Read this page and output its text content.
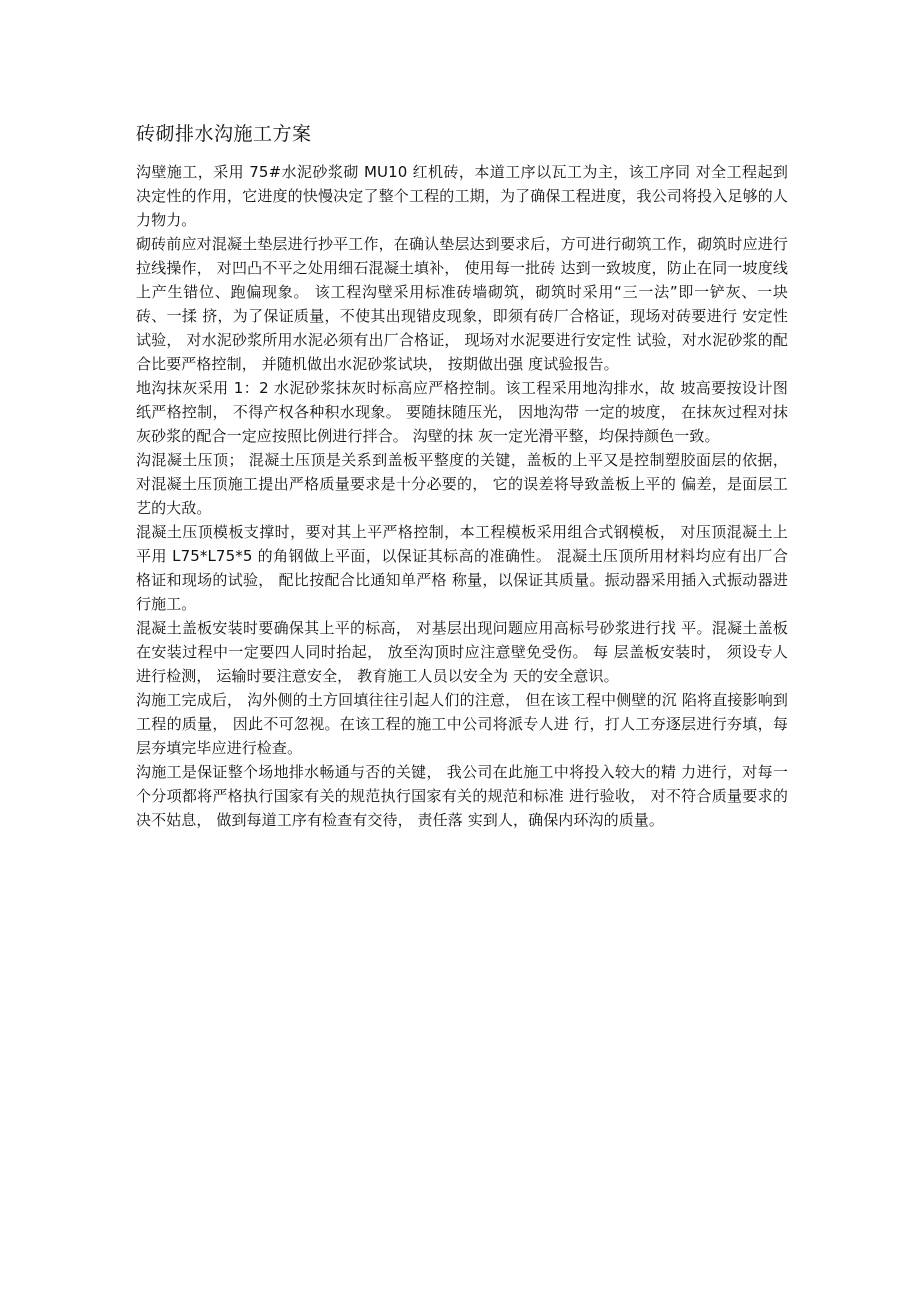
砖砌排水沟施工方案

沟壁施工，采用 75#水泥砂浆砌 MU10 红机砖，本道工序以瓦工为主，该工序同 对全工程起到决定性的作用，它进度的快慢决定了整个工程的工期，为了确保工程进度，我公司将投入足够的人力物力。

砌砖前应对混凝土垫层进行抄平工作，在确认垫层达到要求后，方可进行砌筑工作，砌筑时应进行拉线操作， 对凹凸不平之处用细石混凝土填补， 使用每一批砖 达到一致坡度，防止在同一坡度线上产生错位、跑偏现象。 该工程沟壁采用标准砖墙砌筑，砌筑时采用“三一法”即一铲灰、一块砖、一揉 挤，为了保证质量，不使其出现错皮现象，即须有砖厂合格证，现场对砖要进行 安定性试验， 对水泥砂浆所用水泥必须有出厂合格证， 现场对水泥要进行安定性 试验，对水泥砂浆的配合比要严格控制， 并随机做出水泥砂浆试块， 按期做出强 度试验报告。

地沟抹灰采用 1：2 水泥砂浆抹灰时标高应严格控制。该工程采用地沟排水，故 坡高要按设计图纸严格控制， 不得产权各种积水现象。 要随抹随压光， 因地沟带 一定的坡度， 在抹灰过程对抹灰砂浆的配合一定应按照比例进行拌合。 沟壁的抹 灰一定光滑平整，均保持颜色一致。

沟混凝土压顶； 混凝土压顶是关系到盖板平整度的关键，盖板的上平又是控制塑胶面层的依据， 对混凝土压顶施工提出严格质量要求是十分必要的， 它的误差将导致盖板上平的 偏差，是面层工艺的大敌。

混凝土压顶模板支撑时，要对其上平严格控制，本工程模板采用组合式钢模板， 对压顶混凝土上平用 L75*L75*5 的角钢做上平面，以保证其标高的准确性。 混凝土压顶所用材料均应有出厂合格证和现场的试验， 配比按配合比通知单严格 称量，以保证其质量。振动器采用插入式振动器进行施工。

混凝土盖板安装时要确保其上平的标高， 对基层出现问题应用高标号砂浆进行找 平。混凝土盖板在安装过程中一定要四人同时抬起， 放至沟顶时应注意壁免受伤。 每 层盖板安装时， 须设专人进行检测， 运输时要注意安全， 教育施工人员以安全为 天的安全意识。

沟施工完成后， 沟外侧的土方回填往往引起人们的注意， 但在该工程中侧壁的沉 陷将直接影响到工程的质量， 因此不可忽视。在该工程的施工中公司将派专人进 行，打人工夯逐层进行夯填，每层夯填完毕应进行检查。

沟施工是保证整个场地排水畅通与否的关键， 我公司在此施工中将投入较大的精 力进行，对每一个分项都将严格执行国家有关的规范执行国家有关的规范和标准 进行验收， 对不符合质量要求的决不姑息， 做到每道工序有检查有交待， 责任落 实到人，确保内环沟的质量。
